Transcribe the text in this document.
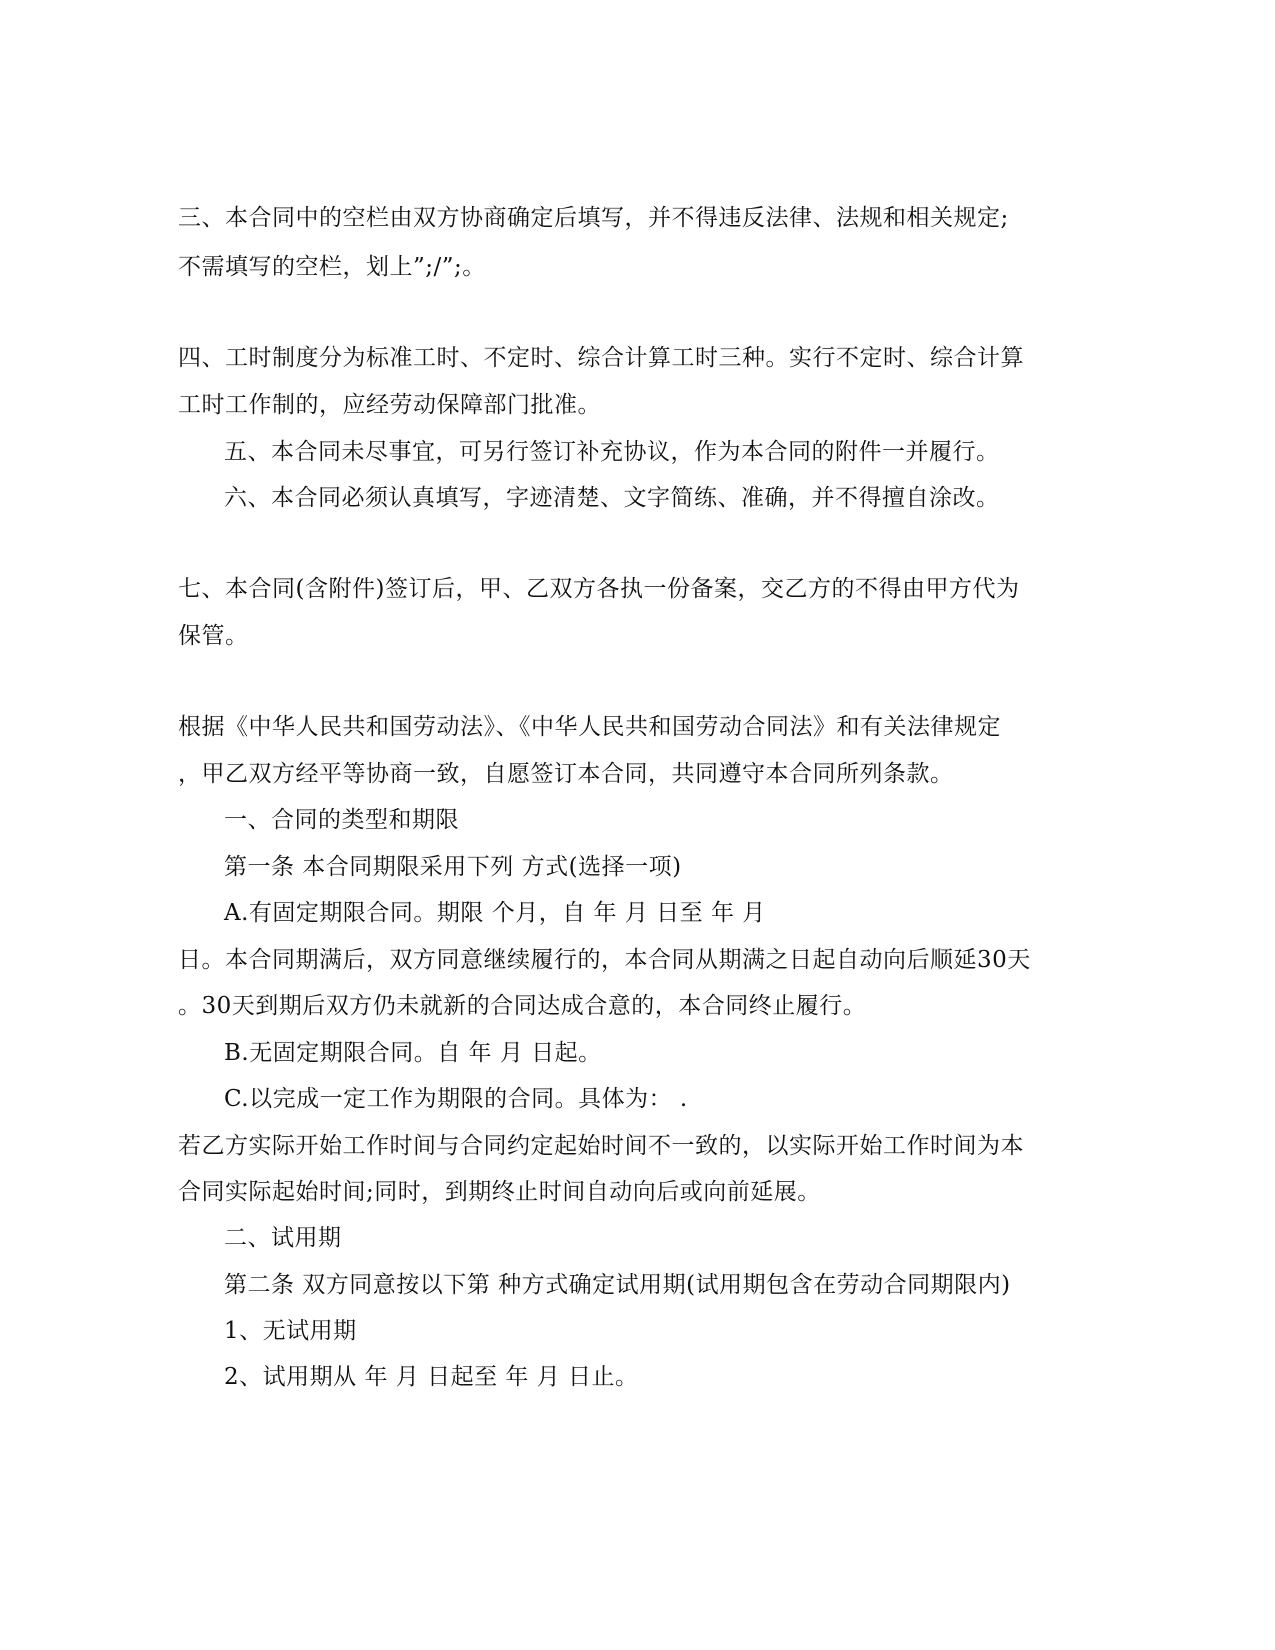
三、本合同中的空栏由双方协商确定后填写，并不得违反法律、法规和相关规定;
不需填写的空栏，划上”;/”;。
四、工时制度分为标准工时、不定时、综合计算工时三种。实行不定时、综合计算
工时工作制的，应经劳动保障部门批准。
五、本合同未尽事宜，可另行签订补充协议，作为本合同的附件一并履行。
六、本合同必须认真填写，字迹清楚、文字简练、准确，并不得擅自涂改。
七、本合同(含附件)签订后，甲、乙双方各执一份备案，交乙方的不得由甲方代为
保管。
根据《中华人民共和国劳动法》、《中华人民共和国劳动合同法》和有关法律规定
，甲乙双方经平等协商一致，自愿签订本合同，共同遵守本合同所列条款。
一、合同的类型和期限
第一条 本合同期限采用下列 方式(选择一项)
A.有固定期限合同。期限 个月，自 年 月 日至 年 月
日。本合同期满后，双方同意继续履行的，本合同从期满之日起自动向后顺延30天
。30天到期后双方仍未就新的合同达成合意的，本合同终止履行。
B.无固定期限合同。自 年 月 日起。
C.以完成一定工作为期限的合同。具体为： .
若乙方实际开始工作时间与合同约定起始时间不一致的，以实际开始工作时间为本
合同实际起始时间;同时，到期终止时间自动向后或向前延展。
二、试用期
第二条 双方同意按以下第 种方式确定试用期(试用期包含在劳动合同期限内)
1、无试用期
2、试用期从 年 月 日起至 年 月 日止。
